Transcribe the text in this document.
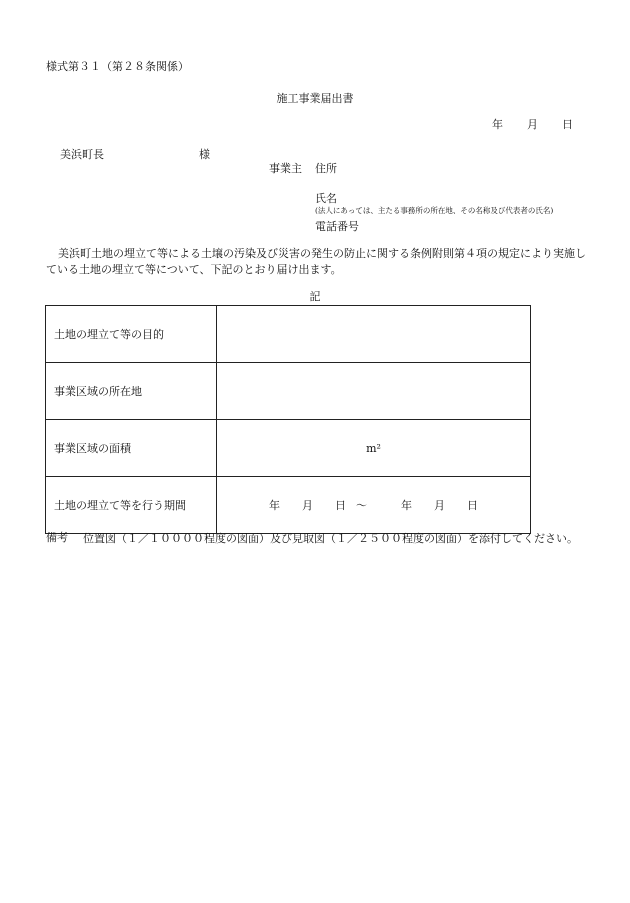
様式第３１（第２８条関係）
施工事業届出書
年 月 日
美浜町長	様
事業主 住所
氏名
(法人にあっては、主たる事務所の所在地、その名称及び代表者の氏名)
電話番号
美浜町土地の埋立て等による土壌の汚染及び災害の発生の防止に関する条例附則第４項の規定により実施している土地の埋立て等について、下記のとおり届け出ます。
記
土地の埋立て等の目的	
事業区域の所在地	
事業区域の面積	m²
土地の埋立て等を行う期間	年 月 日 ～ 年 月 日
備考 位置図（１／１００００程度の図面）及び見取図（１／２５００程度の図面）を添付してください。
